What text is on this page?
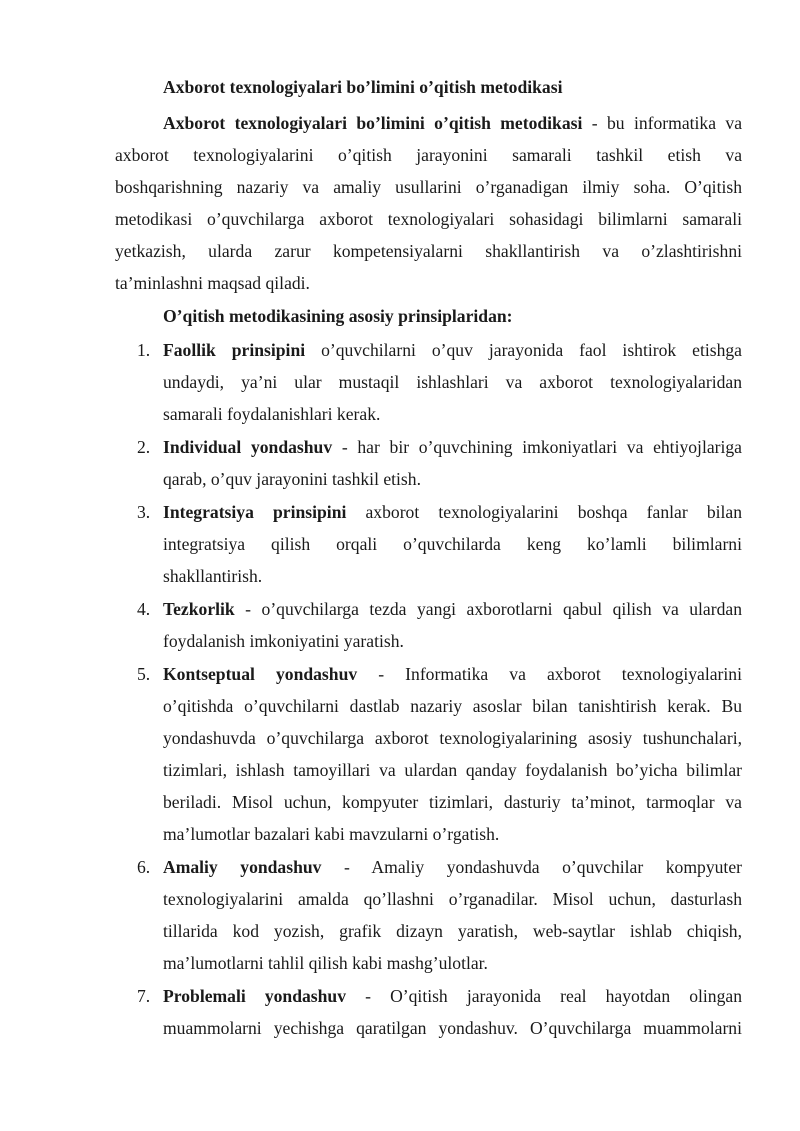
Axborot texnologiyalari bo’limini o’qitish metodikasi
Axborot texnologiyalari bo’limini o’qitish metodikasi - bu informatika va
axborot texnologiyalarini o’qitish jarayonini samarali tashkil etish va
boshqarishning nazariy va amaliy usullarini o’rganadigan ilmiy soha. O’qitish
metodikasi o’quvchilarga axborot texnologiyalari sohasidagi bilimlarni samarali
yetkazish, ularda zarur kompetensiyalarni shakllantirish va o’zlashtirishni
ta’minlashni maqsad qiladi.
O’qitish metodikasining asosiy prinsiplaridan:
1. Faollik prinsipini o’quvchilarni o’quv jarayonida faol ishtirok etishga
undaydi, ya’ni ular mustaqil ishlashlari va axborot texnologiyalaridan
samarali foydalanishlari kerak.
2. Individual yondashuv - har bir o’quvchining imkoniyatlari va ehtiyojlariga
qarab, o’quv jarayonini tashkil etish.
3. Integratsiya prinsipini axborot texnologiyalarini boshqa fanlar bilan
integratsiya qilish orqali o’quvchilarda keng ko’lamli bilimlarni
shakllantirish.
4. Tezkorlik - o’quvchilarga tezda yangi axborotlarni qabul qilish va ulardan
foydalanish imkoniyatini yaratish.
5. Kontseptual yondashuv - Informatika va axborot texnologiyalarini
o’qitishda o’quvchilarni dastlab nazariy asoslar bilan tanishtirish kerak. Bu
yondashuvda o’quvchilarga axborot texnologiyalarining asosiy tushunchalari,
tizimlari, ishlash tamoyillari va ulardan qanday foydalanish bo’yicha bilimlar
beriladi. Misol uchun, kompyuter tizimlari, dasturiy ta’minot, tarmoqlar va
ma’lumotlar bazalari kabi mavzularni o’rgatish.
6. Amaliy yondashuv - Amaliy yondashuvda o’quvchilar kompyuter
texnologiyalarini amalda qo’llashni o’rganadilar. Misol uchun, dasturlash
tillarida kod yozish, grafik dizayn yaratish, web-saytlar ishlab chiqish,
ma’lumotlarni tahlil qilish kabi mashg’ulotlar.
7. Problemali yondashuv - O’qitish jarayonida real hayotdan olingan
muammolarni yechishga qaratilgan yondashuv. O’quvchilarga muammolarni
